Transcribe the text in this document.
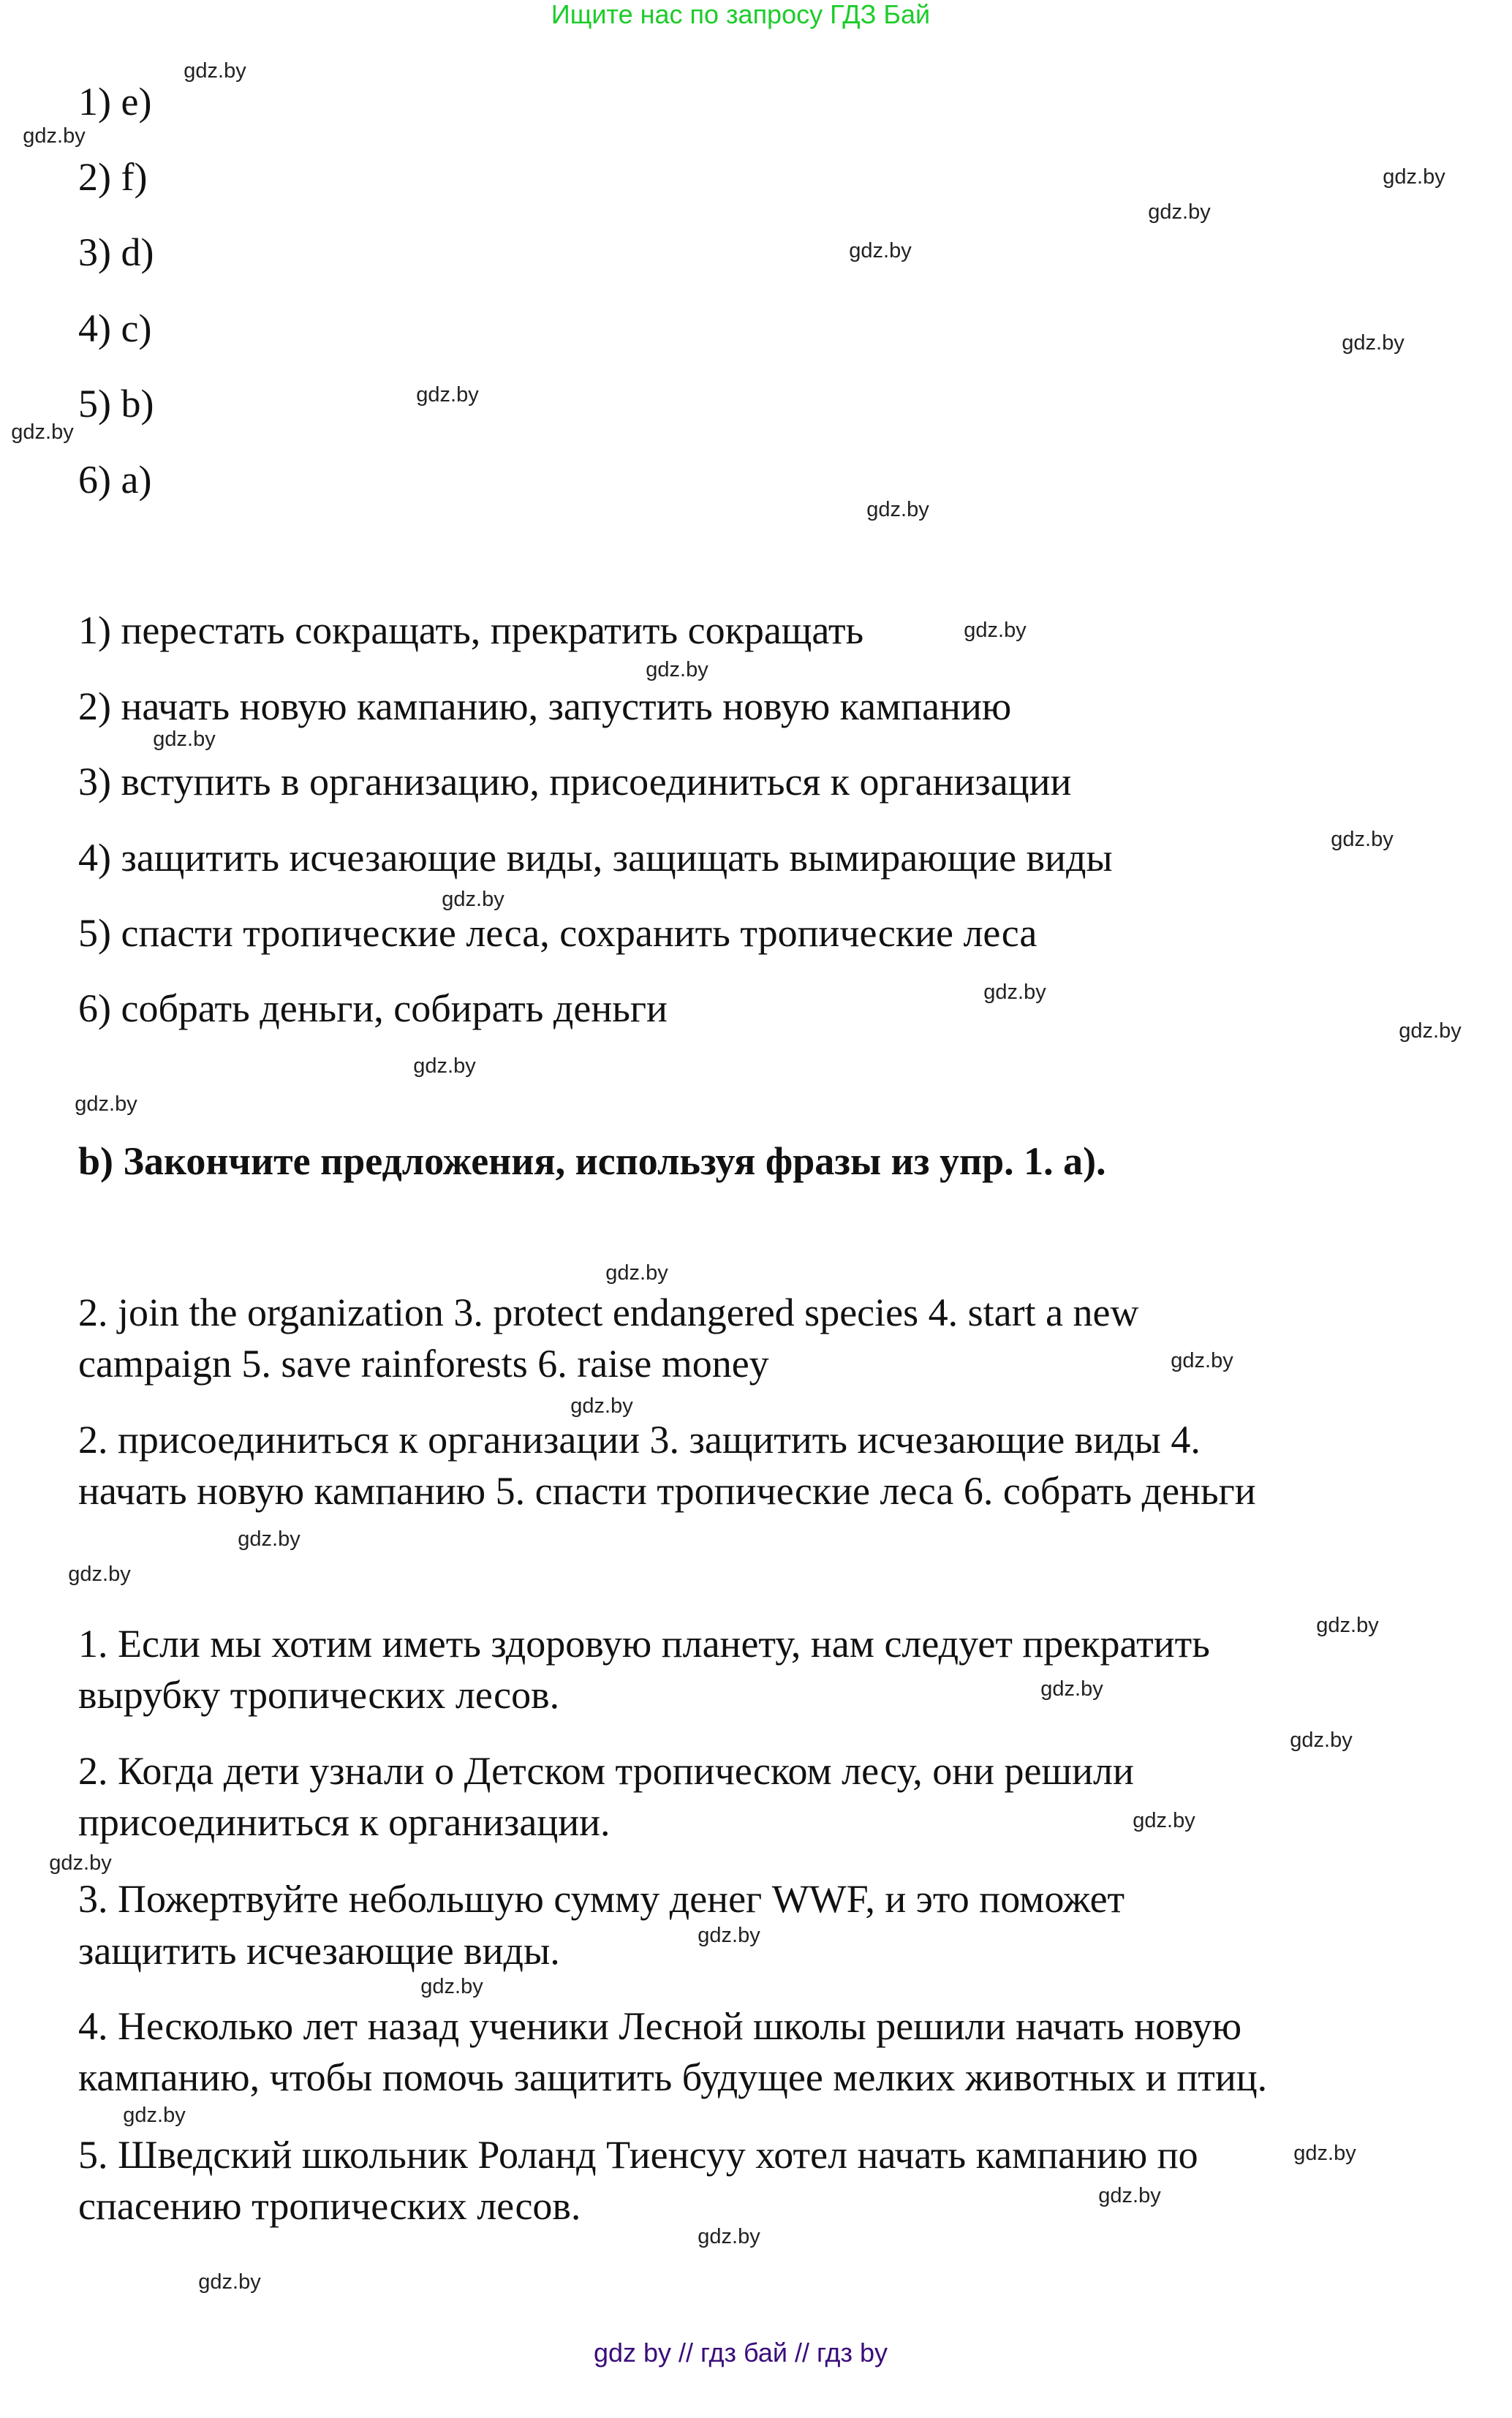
Ищите нас по запросу ГДЗ Бай
1) e)
2) f)
3) d)
4) c)
5) b)
6) a)
1) перестать сокращать, прекратить сокращать
2) начать новую кампанию, запустить новую кампанию
3) вступить в организацию, присоединиться к организации
4) защитить исчезающие виды, защищать вымирающие виды
5) спасти тропические леса, сохранить тропические леса
6) собрать деньги, собирать деньги
b) Закончите предложения, используя фразы из упр. 1. а).
2. join the organization 3. protect endangered species 4. start a new
campaign 5. save rainforests 6. raise money
2. присоединиться к организации 3. защитить исчезающие виды 4.
начать новую кампанию 5. спасти тропические леса 6. собрать деньги
1. Если мы хотим иметь здоровую планету, нам следует прекратить
вырубку тропических лесов.
2. Когда дети узнали о Детском тропическом лесу, они решили
присоединиться к организации.
3. Пожертвуйте небольшую сумму денег WWF, и это поможет
защитить исчезающие виды.
4. Несколько лет назад ученики Лесной школы решили начать новую
кампанию, чтобы помочь защитить будущее мелких животных и птиц.
5. Шведский школьник Роланд Тиенсуу хотел начать кампанию по
спасению тропических лесов.
gdz.by
gdz.by
gdz.by
gdz.by
gdz.by
gdz.by
gdz.by
gdz.by
gdz.by
gdz.by
gdz.by
gdz.by
gdz.by
gdz.by
gdz.by
gdz.by
gdz.by
gdz.by
gdz.by
gdz.by
gdz.by
gdz.by
gdz.by
gdz.by
gdz.by
gdz.by
gdz.by
gdz.by
gdz.by
gdz.by
gdz.by
gdz.by
gdz.by
gdz.by
gdz.by
gdz by // гдз бай // гдз by
